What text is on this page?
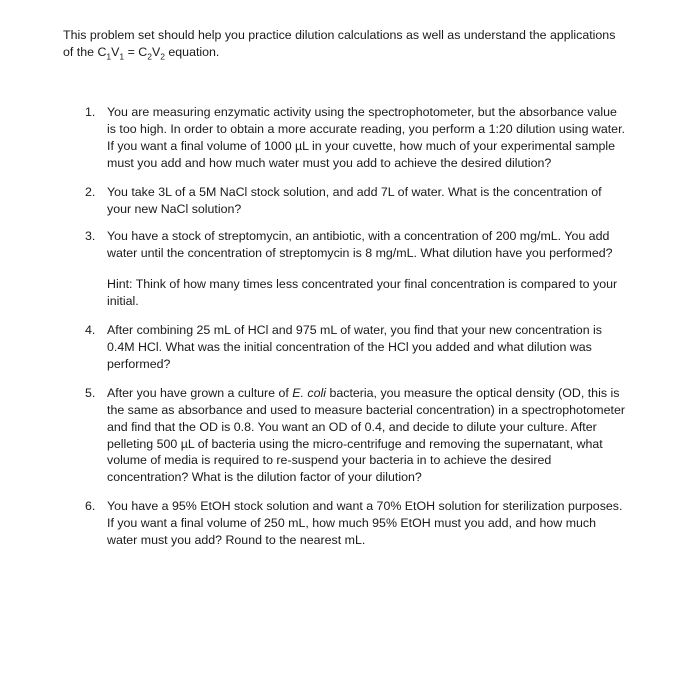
This problem set should help you practice dilution calculations as well as understand the applications of the $C_1V_1 = C_2V_2$ equation.

1. You are measuring enzymatic activity using the spectrophotometer, but the absorbance value is too high. In order to obtain a more accurate reading, you perform a 1:20 dilution using water. If you want a final volume of 1000 µL in your cuvette, how much of your experimental sample must you add and how much water must you add to achieve the desired dilution?

2. You take 3L of a 5M NaCl stock solution, and add 7L of water. What is the concentration of your new NaCl solution?

3. You have a stock of streptomycin, an antibiotic, with a concentration of 200 mg/mL. You add water until the concentration of streptomycin is 8 mg/mL. What dilution have you performed?

Hint: Think of how many times less concentrated your final concentration is compared to your initial.

4. After combining 25 mL of HCl and 975 mL of water, you find that your new concentration is 0.4M HCl. What was the initial concentration of the HCl you added and what dilution was performed?

5. After you have grown a culture of E. coli bacteria, you measure the optical density (OD, this is the same as absorbance and used to measure bacterial concentration) in a spectrophotometer and find that the OD is 0.8. You want an OD of 0.4, and decide to dilute your culture. After pelleting 500 µL of bacteria using the micro-centrifuge and removing the supernatant, what volume of media is required to re-suspend your bacteria in to achieve the desired concentration? What is the dilution factor of your dilution?

6. You have a 95% EtOH stock solution and want a 70% EtOH solution for sterilization purposes. If you want a final volume of 250 mL, how much 95% EtOH must you add, and how much water must you add? Round to the nearest mL.
